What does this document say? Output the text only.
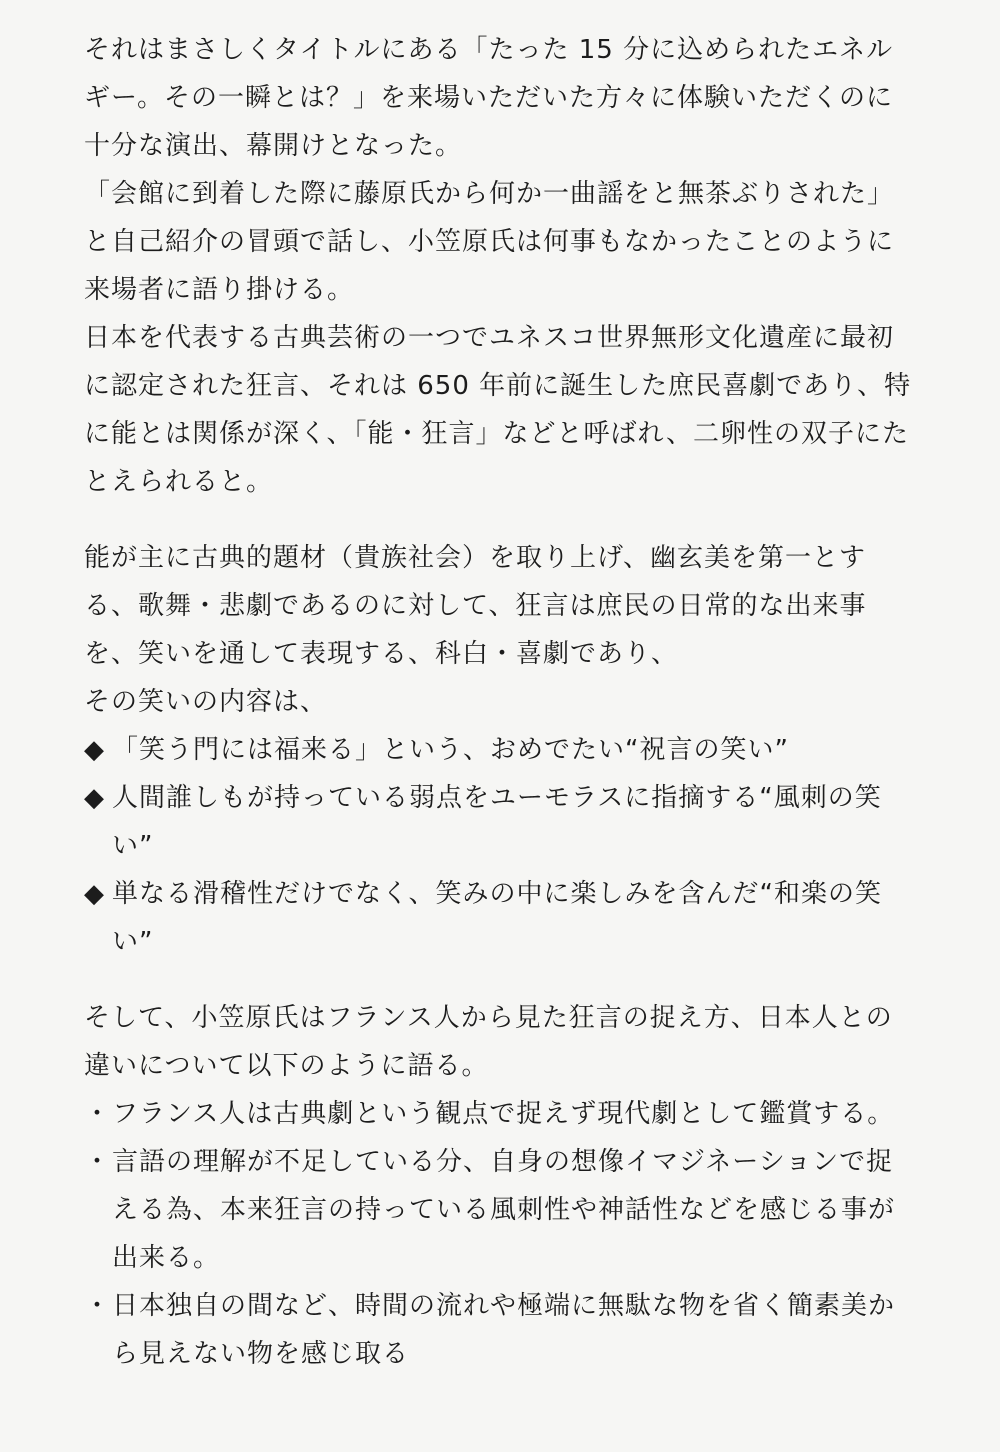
それはまさしくタイトルにある「たった 15 分に込められたエネルギー。その一瞬とは？」を来場いただいた方々に体験いただくのに十分な演出、幕開けとなった。

「会館に到着した際に藤原氏から何か一曲謡をと無茶ぶりされた」と自己紹介の冒頭で話し、小笠原氏は何事もなかったことのように来場者に語り掛ける。

日本を代表する古典芸術の一つでユネスコ世界無形文化遺産に最初に認定された狂言、それは 650 年前に誕生した庶民喜劇であり、特に能とは関係が深く、「能・狂言」などと呼ばれ、二卵性の双子にたとえられると。

能が主に古典的題材（貴族社会）を取り上げ、幽玄美を第一とする、歌舞・悲劇であるのに対して、狂言は庶民の日常的な出来事を、笑いを通して表現する、科白・喜劇であり、

その笑いの内容は、

◆ 「笑う門には福来る」という、おめでたい“祝言の笑い”
◆ 人間誰しもが持っている弱点をユーモラスに指摘する“風刺の笑い”
◆ 単なる滑稽性だけでなく、笑みの中に楽しみを含んだ“和楽の笑い”

そして、小笠原氏はフランス人から見た狂言の捉え方、日本人との違いについて以下のように語る。

・ フランス人は古典劇という観点で捉えず現代劇として鑑賞する。
・ 言語の理解が不足している分、自身の想像イマジネーションで捉える為、本来狂言の持っている風刺性や神話性などを感じる事が出来る。
・ 日本独自の間など、時間の流れや極端に無駄な物を省く簡素美から見えない物を感じ取る
